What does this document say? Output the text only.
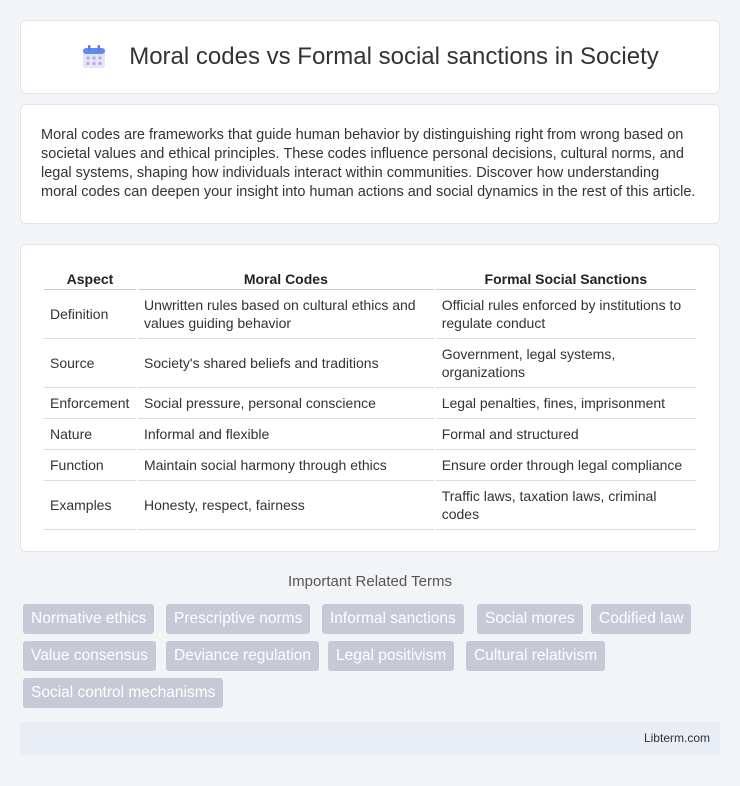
Moral codes vs Formal social sanctions in Society

Moral codes are frameworks that guide human behavior by distinguishing right from wrong based on societal values and ethical principles. These codes influence personal decisions, cultural norms, and legal systems, shaping how individuals interact within communities. Discover how understanding moral codes can deepen your insight into human actions and social dynamics in the rest of this article.

Aspect	Moral Codes	Formal Social Sanctions
Definition	Unwritten rules based on cultural ethics and values guiding behavior	Official rules enforced by institutions to regulate conduct
Source	Society's shared beliefs and traditions	Government, legal systems, organizations
Enforcement	Social pressure, personal conscience	Legal penalties, fines, imprisonment
Nature	Informal and flexible	Formal and structured
Function	Maintain social harmony through ethics	Ensure order through legal compliance
Examples	Honesty, respect, fairness	Traffic laws, taxation laws, criminal codes
Important Related Terms
Normative ethics	Prescriptive norms	Informal sanctions	Social mores	Codified law
Value consensus	Deviance regulation	Legal positivism	Cultural relativism
Social control mechanisms
Libterm.com
